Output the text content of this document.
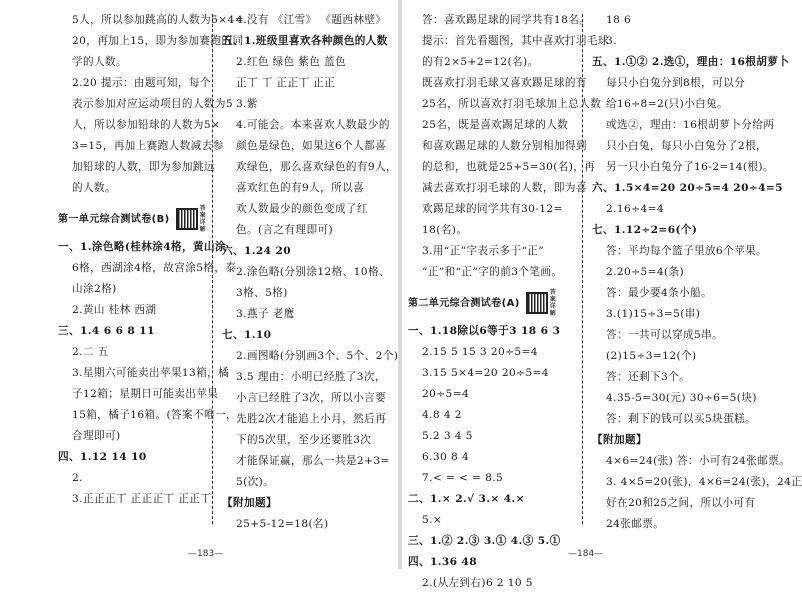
5人，所以参加跳高的人数为5×4=

20，再加上15，即为参加赛跑的同

学的人数。

2.20 提示：由题可知，每个

表示参加对应运动项目的人数为5

人，所以参加铅球的人数为5×

3=15，再加上赛跑人数减去参

加铅球的人数，即为参加跳远

的人数。

第一单元综合测试卷(B)
答案详解

一、1.涂色略(桂林涂4格，黄山涂

6格，西湖涂4格，故宫涂5格，泰

山涂2格)

2.黄山 桂林 西湖

三、1.4 6 6 8 11

2.二 五

3.星期六可能卖出苹果13箱，橘

子12箱；星期日可能卖出苹果

15箱，橘子16箱。(答案不唯一，

合理即可)

四、1.12 14 10

2.

3.正正正丅 正正正丅 正正丅

4.没有 《江雪》 《题西林壁》

五、1.班级里喜欢各种颜色的人数

2.红色 绿色 紫色 蓝色

正丅 丅 正正丅 正正

3.紫

4.可能会。本来喜欢人数最少的

颜色是绿色，如果这6个人都喜

欢绿色，那么喜欢绿色的有9人，

喜欢红色的有9人，所以喜

欢人数最少的颜色变成了红

色。(言之有理即可)

六、1.24 20

2.涂色略(分别涂12格、10格、

3格、5格)

3.燕子 老鹰

七、1.10

2.画图略(分别画3个、5个、2个)

3.5 理由：小明已经胜了3次，

小言已经胜了3次，所以小言要

先胜2次才能追上小月，然后再

下的5次里，至少还要胜3次

才能保证赢，那么一共是2+3=

5(次)。

【附加题】

25+5-12=18(名)

—183—

答：喜欢踢足球的同学共有18名。

提示：首先看题图，其中喜欢打羽毛球

的有2×5+2=12(名)。

既喜欢打羽毛球又喜欢踢足球的有

25名，所以喜欢打羽毛球加上总人数

25名，既是喜欢踢足球的人数

和喜欢踢足球的人数分别相加得到

的总和，也就是25+5=30(名)，再

减去喜欢打羽毛球的人数，即为喜

欢踢足球的同学共有30-12=

18(名)。

3.用“正”字表示多于“正”

“正”和“正”字的前3个笔画。

第二单元综合测试卷(A)
答案详解

一、1.18除以6等于3 18 6 3

2.15 5 15 3 20÷5=4

3.15 5×4=20 20÷5=4

20÷5=4

4.8 4 2

5.2 3 4 5

6.30 8 4

7.< = < = 8.5

二、1.× 2.√ 3.× 4.×

5.×

三、1.② 2.③ 3.① 4.③ 5.①

四、1.36 48

2.(从左到右)6 2 10 5

18 6

3.

五、1.①② 2.选①，理由：16根胡萝卜

每只小白兔分到8根，可以分

给16÷8=2(只)小白兔。

或选②，理由：16根胡萝卜分给两

只小白兔，每只小白兔分了2根，

另一只小白兔分了16-2=14(根)。

六、1.5×4=20 20÷5=4 20÷4=5

2.16÷4=4

七、1.12÷2=6(个)

答：平均每个篮子里放6个苹果。

2.20÷5=4(条)

答：最少要4条小船。

3.(1)15÷3=5(串)

答：一共可以穿成5串。

(2)15÷3=12(个)

答：还剩下3个。

4.35-5=30(元) 30÷6=5(块)

答：剩下的钱可以买5块蛋糕。

【附加题】

4×6=24(张) 答：小可有24张邮票。

3. 4×5=20(张)，4×6=24(张)，24正

好在20和25之间，所以小可有

24张邮票。

—184—
